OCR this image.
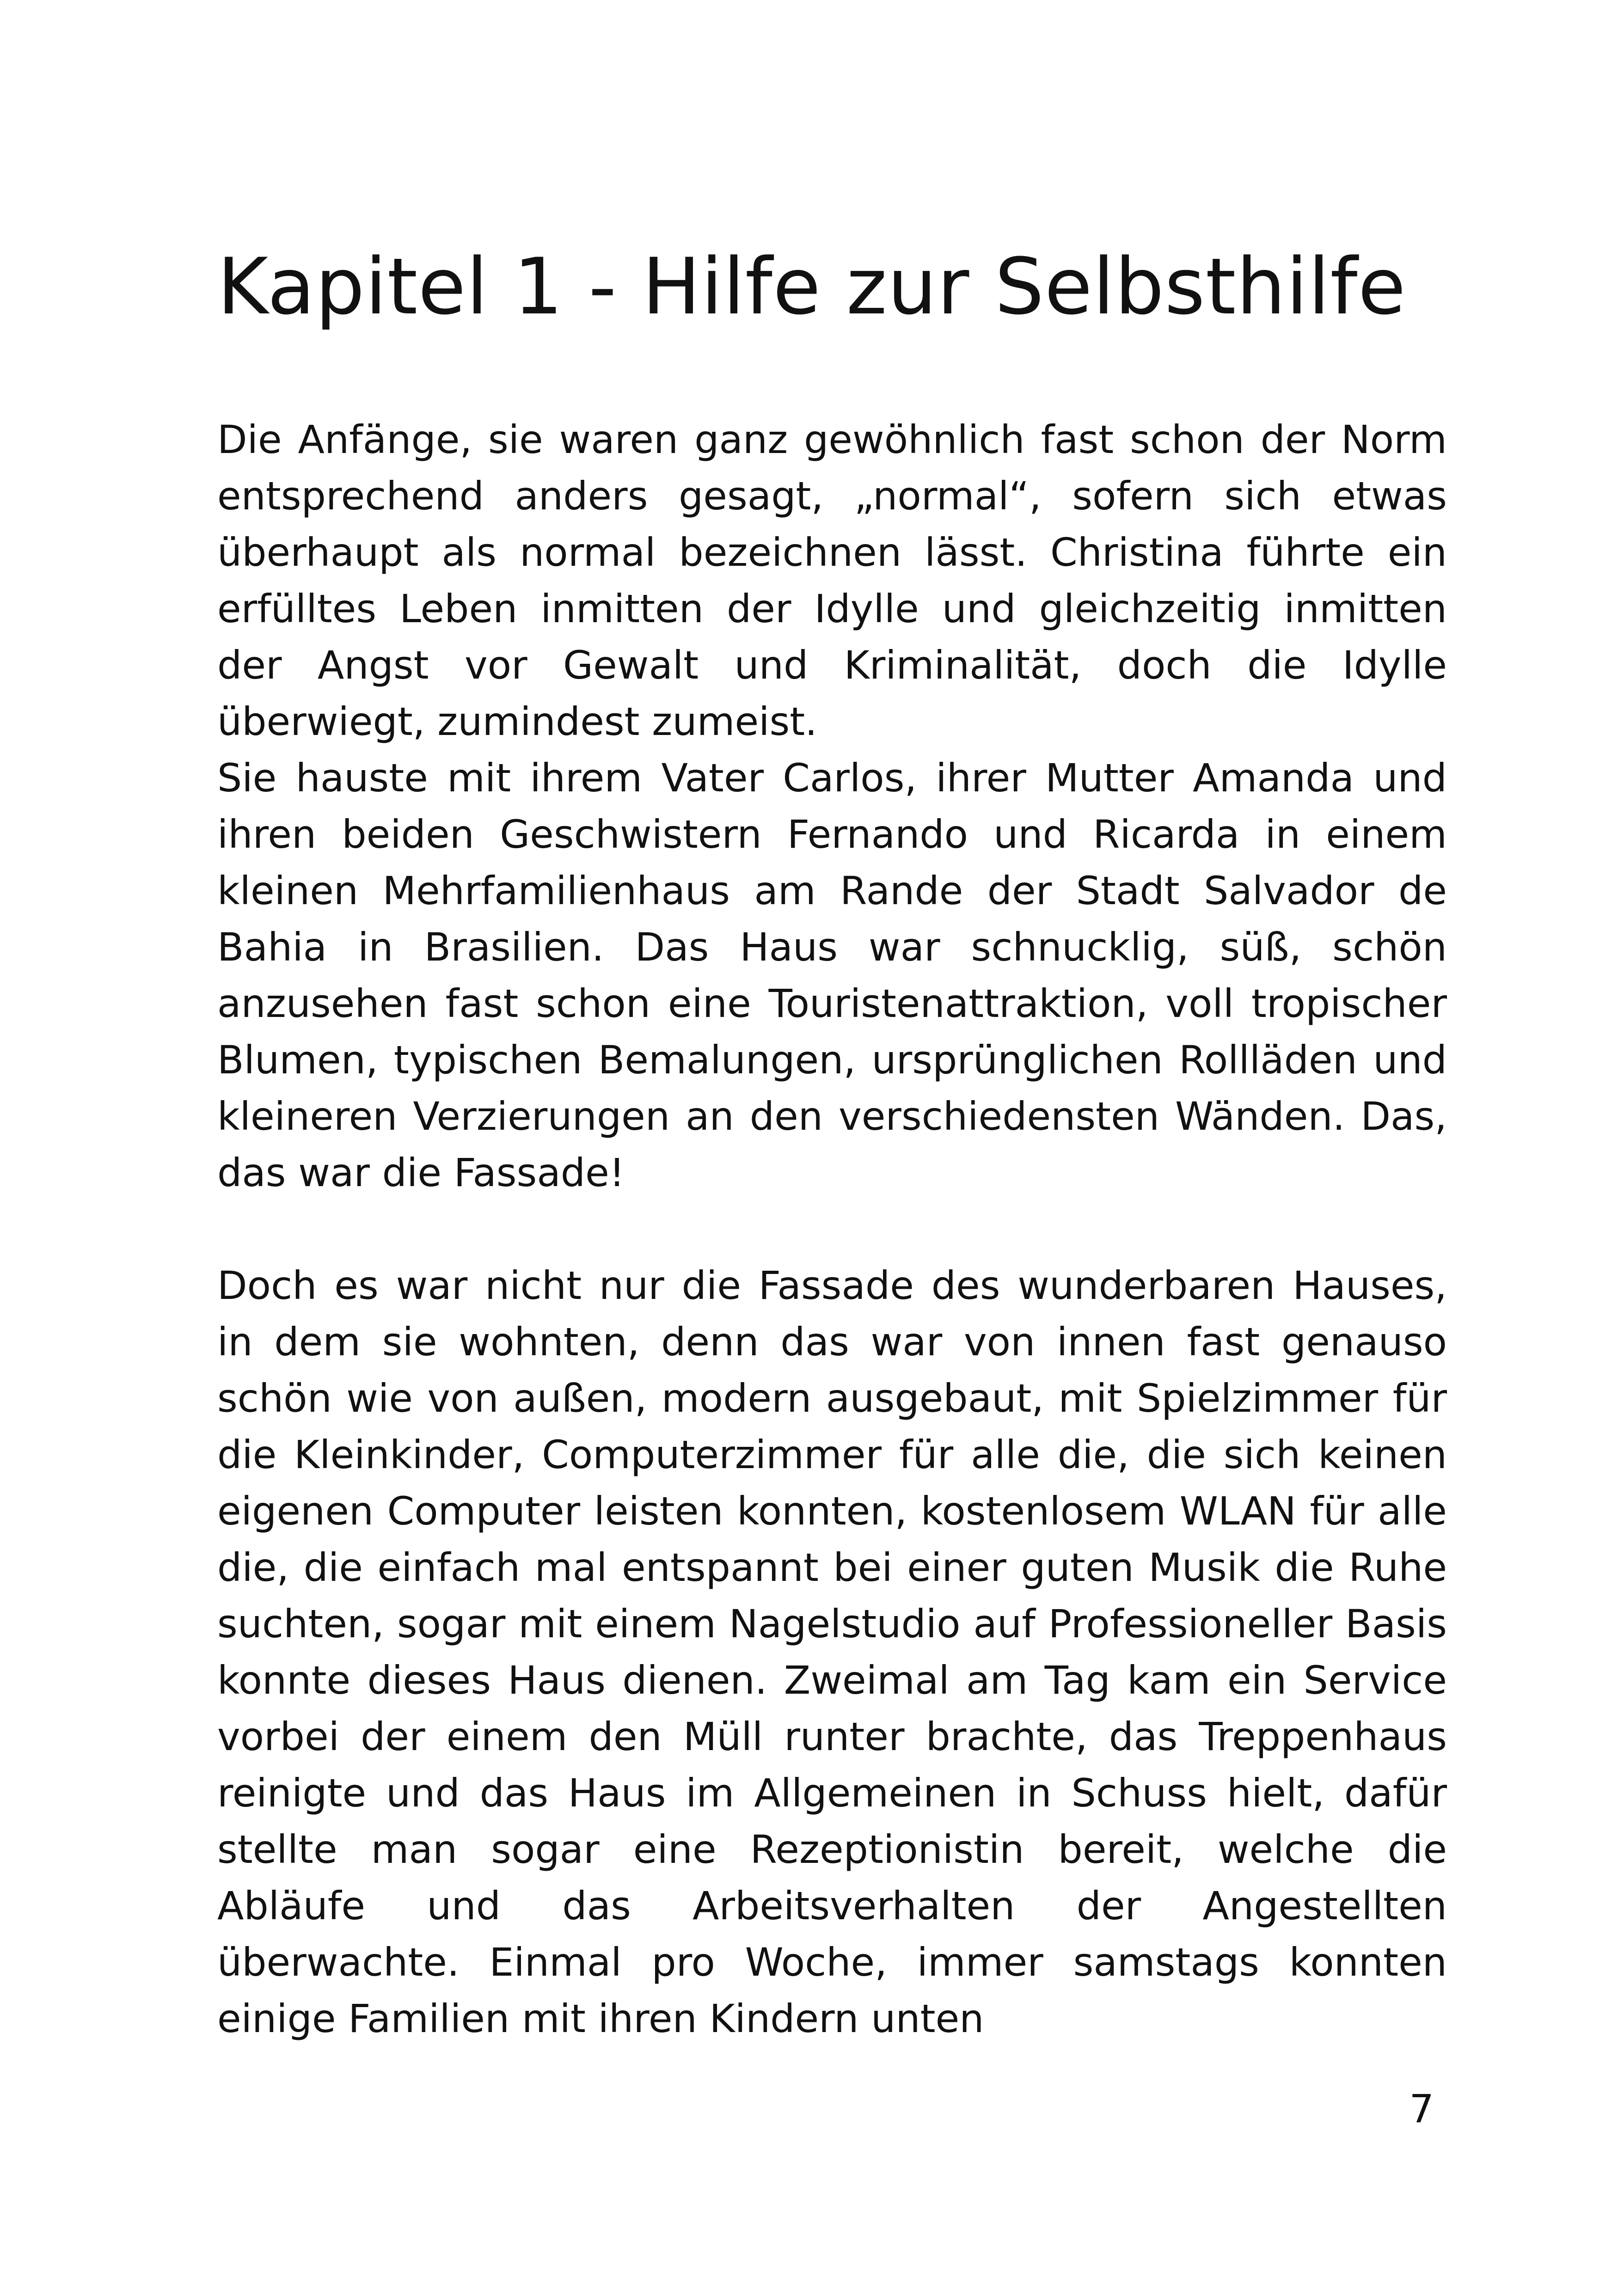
Kapitel 1 - Hilfe zur Selbsthilfe

Die Anfänge, sie waren ganz gewöhnlich fast schon der Norm entsprechend anders gesagt, „normal“, sofern sich etwas überhaupt als normal bezeichnen lässt. Christina führte ein erfülltes Leben inmitten der Idylle und gleichzeitig inmitten der Angst vor Gewalt und Kriminalität, doch die Idylle überwiegt, zumindest zumeist.

Sie hauste mit ihrem Vater Carlos, ihrer Mutter Amanda und ihren beiden Geschwistern Fernando und Ricarda in einem kleinen Mehrfamilienhaus am Rande der Stadt Salvador de Bahia in Brasilien. Das Haus war schnucklig, süß, schön anzusehen fast schon eine Touristenattraktion, voll tropischer Blumen, typischen Bemalungen, ursprünglichen Rollläden und kleineren Verzierungen an den verschiedensten Wänden. Das, das war die Fassade!

Doch es war nicht nur die Fassade des wunderbaren Hauses, in dem sie wohnten, denn das war von innen fast genauso schön wie von außen, modern ausgebaut, mit Spielzimmer für die Kleinkinder, Computerzimmer für alle die, die sich keinen eigenen Computer leisten konnten, kostenlosem WLAN für alle die, die einfach mal entspannt bei einer guten Musik die Ruhe suchten, sogar mit einem Nagelstudio auf Professioneller Basis konnte dieses Haus dienen. Zweimal am Tag kam ein Service vorbei der einem den Müll runter brachte, das Treppenhaus reinigte und das Haus im Allgemeinen in Schuss hielt, dafür stellte man sogar eine Rezeptionistin bereit, welche die Abläufe und das Arbeitsverhalten der Angestellten überwachte. Einmal pro Woche, immer samstags konnten einige Familien mit ihren Kindern unten

7
